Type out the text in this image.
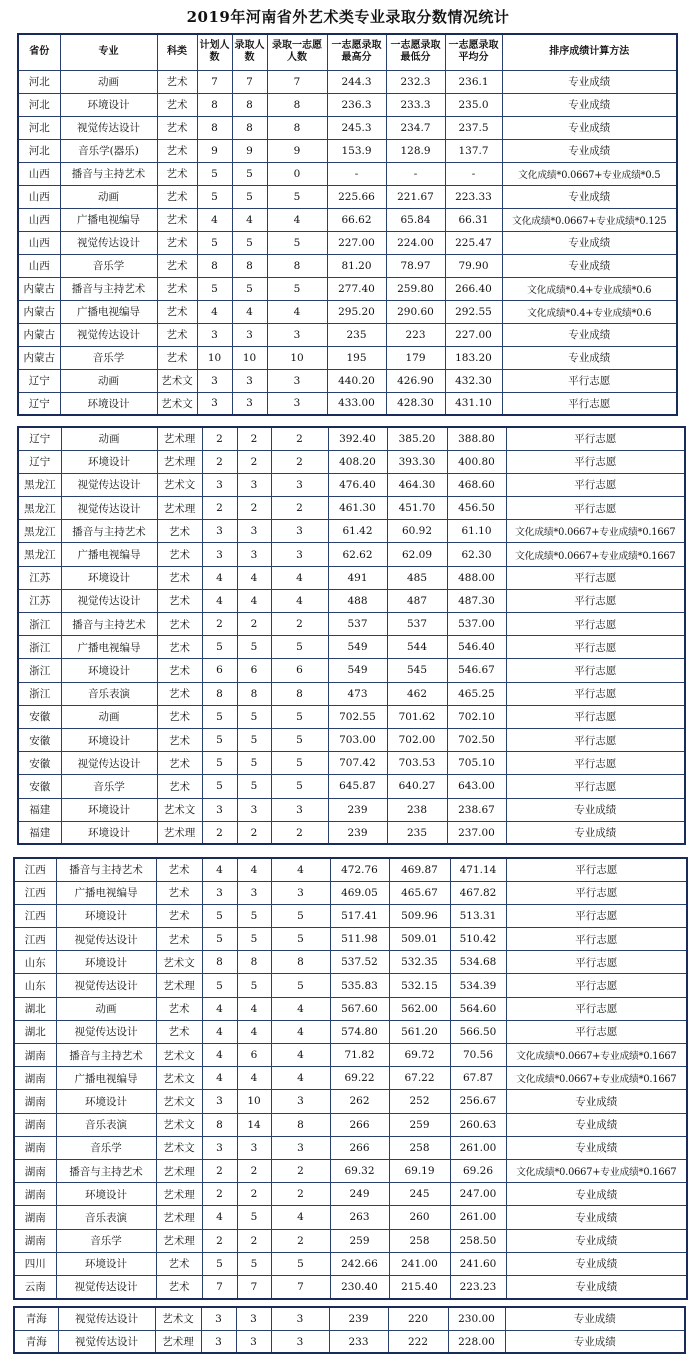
2019年河南省外艺术类专业录取分数情况统计
省份	专业	科类	计划人数	录取人数	录取一志愿人数	一志愿录取最高分	一志愿录取最低分	一志愿录取平均分	排序成绩计算方法
河北	动画	艺术	7	7	7	244.3	232.3	236.1	专业成绩
河北	环境设计	艺术	8	8	8	236.3	233.3	235.0	专业成绩
河北	视觉传达设计	艺术	8	8	8	245.3	234.7	237.5	专业成绩
河北	音乐学(器乐)	艺术	9	9	9	153.9	128.9	137.7	专业成绩
山西	播音与主持艺术	艺术	5	5	0	-	-	-	文化成绩*0.0667+专业成绩*0.5
山西	动画	艺术	5	5	5	225.66	221.67	223.33	专业成绩
山西	广播电视编导	艺术	4	4	4	66.62	65.84	66.31	文化成绩*0.0667+专业成绩*0.125
山西	视觉传达设计	艺术	5	5	5	227.00	224.00	225.47	专业成绩
山西	音乐学	艺术	8	8	8	81.20	78.97	79.90	专业成绩
内蒙古	播音与主持艺术	艺术	5	5	5	277.40	259.80	266.40	文化成绩*0.4+专业成绩*0.6
内蒙古	广播电视编导	艺术	4	4	4	295.20	290.60	292.55	文化成绩*0.4+专业成绩*0.6
内蒙古	视觉传达设计	艺术	3	3	3	235	223	227.00	专业成绩
内蒙古	音乐学	艺术	10	10	10	195	179	183.20	专业成绩
辽宁	动画	艺术文	3	3	3	440.20	426.90	432.30	平行志愿
辽宁	环境设计	艺术文	3	3	3	433.00	428.30	431.10	平行志愿
辽宁	动画	艺术理	2	2	2	392.40	385.20	388.80	平行志愿
辽宁	环境设计	艺术理	2	2	2	408.20	393.30	400.80	平行志愿
黑龙江	视觉传达设计	艺术文	3	3	3	476.40	464.30	468.60	平行志愿
黑龙江	视觉传达设计	艺术理	2	2	2	461.30	451.70	456.50	平行志愿
黑龙江	播音与主持艺术	艺术	3	3	3	61.42	60.92	61.10	文化成绩*0.0667+专业成绩*0.1667
黑龙江	广播电视编导	艺术	3	3	3	62.62	62.09	62.30	文化成绩*0.0667+专业成绩*0.1667
江苏	环境设计	艺术	4	4	4	491	485	488.00	平行志愿
江苏	视觉传达设计	艺术	4	4	4	488	487	487.30	平行志愿
浙江	播音与主持艺术	艺术	2	2	2	537	537	537.00	平行志愿
浙江	广播电视编导	艺术	5	5	5	549	544	546.40	平行志愿
浙江	环境设计	艺术	6	6	6	549	545	546.67	平行志愿
浙江	音乐表演	艺术	8	8	8	473	462	465.25	平行志愿
安徽	动画	艺术	5	5	5	702.55	701.62	702.10	平行志愿
安徽	环境设计	艺术	5	5	5	703.00	702.00	702.50	平行志愿
安徽	视觉传达设计	艺术	5	5	5	707.42	703.53	705.10	平行志愿
安徽	音乐学	艺术	5	5	5	645.87	640.27	643.00	平行志愿
福建	环境设计	艺术文	3	3	3	239	238	238.67	专业成绩
福建	环境设计	艺术理	2	2	2	239	235	237.00	专业成绩
江西	播音与主持艺术	艺术	4	4	4	472.76	469.87	471.14	平行志愿
江西	广播电视编导	艺术	3	3	3	469.05	465.67	467.82	平行志愿
江西	环境设计	艺术	5	5	5	517.41	509.96	513.31	平行志愿
江西	视觉传达设计	艺术	5	5	5	511.98	509.01	510.42	平行志愿
山东	环境设计	艺术文	8	8	8	537.52	532.35	534.68	平行志愿
山东	视觉传达设计	艺术理	5	5	5	535.83	532.15	534.39	平行志愿
湖北	动画	艺术	4	4	4	567.60	562.00	564.60	平行志愿
湖北	视觉传达设计	艺术	4	4	4	574.80	561.20	566.50	平行志愿
湖南	播音与主持艺术	艺术文	4	6	4	71.82	69.72	70.56	文化成绩*0.0667+专业成绩*0.1667
湖南	广播电视编导	艺术文	4	4	4	69.22	67.22	67.87	文化成绩*0.0667+专业成绩*0.1667
湖南	环境设计	艺术文	3	10	3	262	252	256.67	专业成绩
湖南	音乐表演	艺术文	8	14	8	266	259	260.63	专业成绩
湖南	音乐学	艺术文	3	3	3	266	258	261.00	专业成绩
湖南	播音与主持艺术	艺术理	2	2	2	69.32	69.19	69.26	文化成绩*0.0667+专业成绩*0.1667
湖南	环境设计	艺术理	2	2	2	249	245	247.00	专业成绩
湖南	音乐表演	艺术理	4	5	4	263	260	261.00	专业成绩
湖南	音乐学	艺术理	2	2	2	259	258	258.50	专业成绩
四川	环境设计	艺术	5	5	5	242.66	241.00	241.60	专业成绩
云南	视觉传达设计	艺术	7	7	7	230.40	215.40	223.23	专业成绩
青海	视觉传达设计	艺术文	3	3	3	239	220	230.00	专业成绩
青海	视觉传达设计	艺术理	3	3	3	233	222	228.00	专业成绩
